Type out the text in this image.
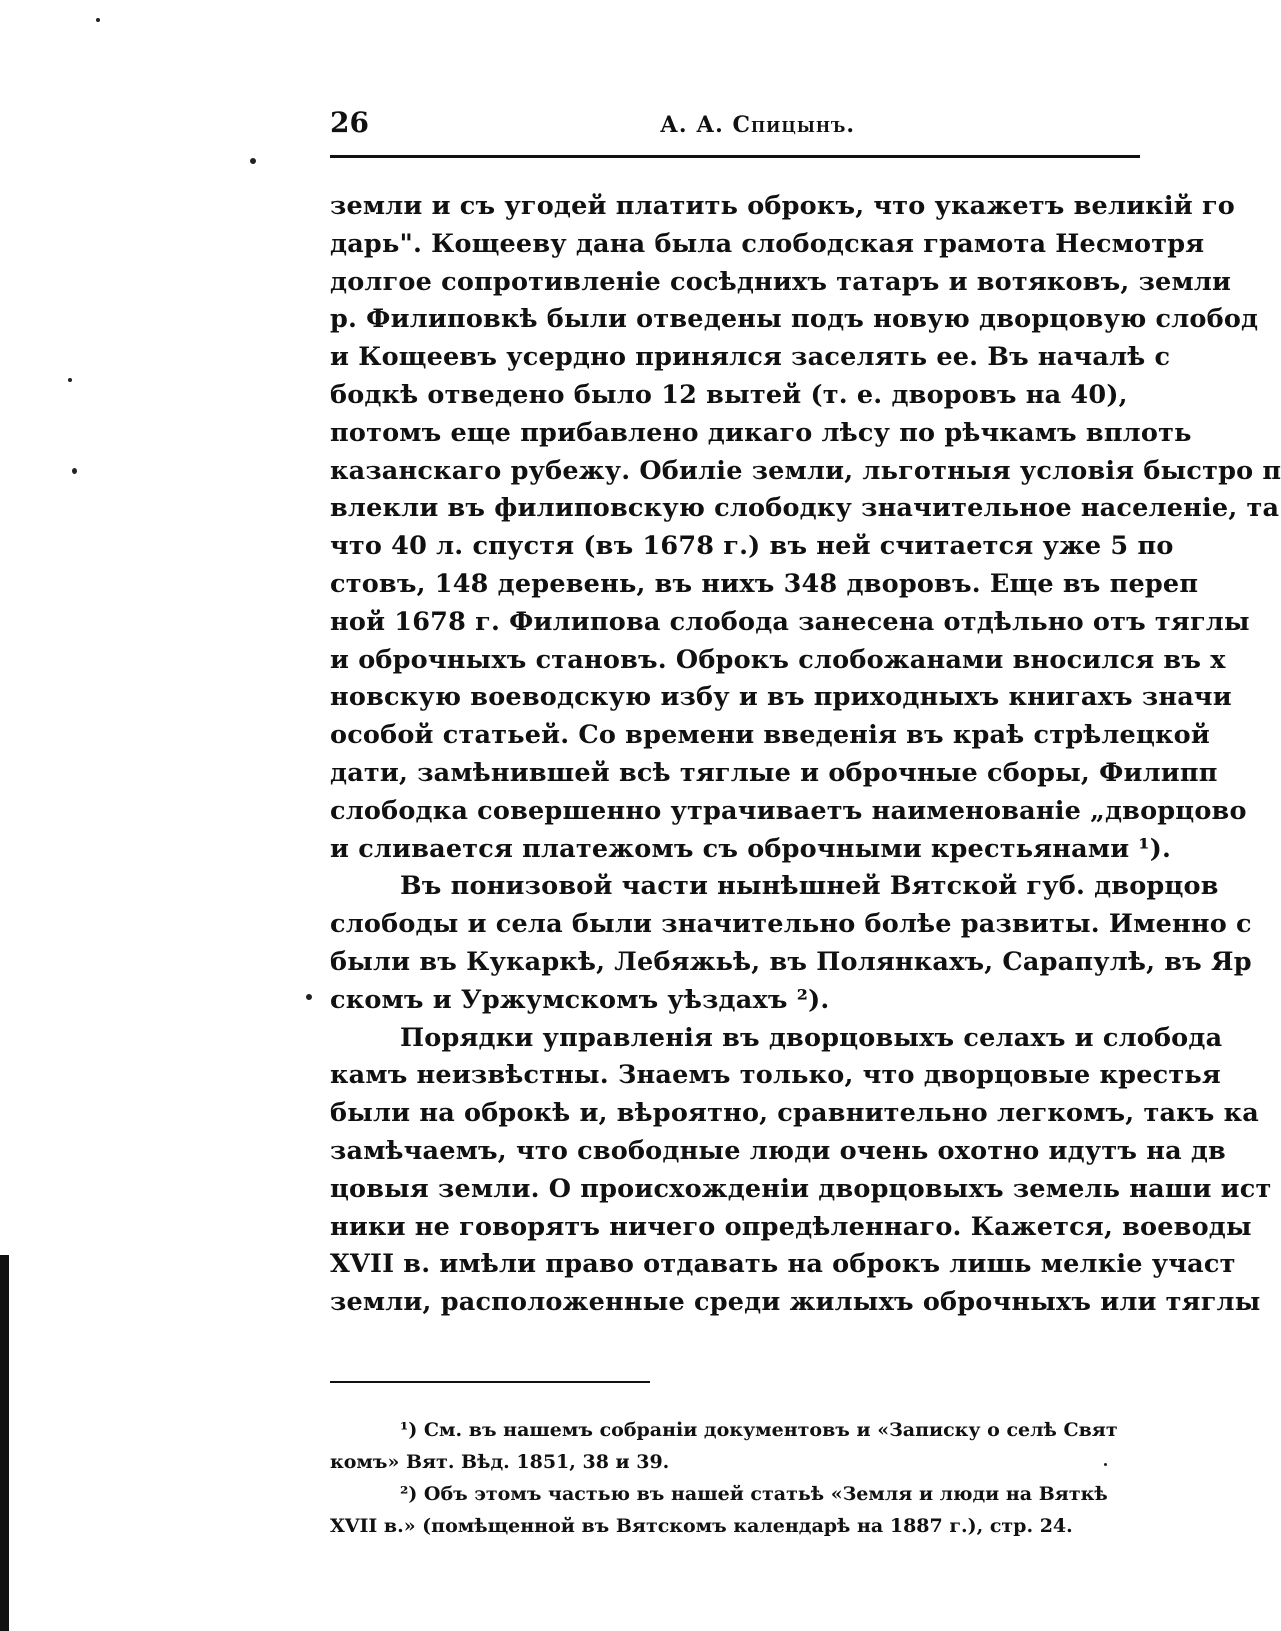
26	А. А. Спицынъ.
земли и съ угодей платить оброкъ, что укажетъ великiй го
дарь". Кощееву дана была слободская грамота Несмотря
долгое сопротивленiе сосѣднихъ татаръ и вотяковъ, земли
р. Филиповкѣ были отведены подъ новую дворцовую слобод
и Кощеевъ усердно принялся заселять ее. Въ началѣ с
бодкѣ отведено было 12 вытей (т. е. дворовъ на 40),
потомъ еще прибавлено дикаго лѣсу по рѣчкамъ вплоть
казанскаго рубежу. Обилiе земли, льготныя условiя быстро п
влекли въ филиповскую слободку значительное населенiе, та
что 40 л. спустя (въ 1678 г.) въ ней считается уже 5 по
стовъ, 148 деревень, въ нихъ 348 дворовъ. Еще въ переп
ной 1678 г. Филипова слобода занесена отдѣльно отъ тяглы
и оброчныхъ становъ. Оброкъ слобожанами вносился въ х
новскую воеводскую избу и въ приходныхъ книгахъ значи
особой статьей. Со времени введенiя въ краѣ стрѣлецкой
дати, замѣнившей всѣ тяглые и оброчные сборы, Филипп
слободка совершенно утрачиваетъ наименованiе „дворцово
и сливается платежомъ съ оброчными крестьянами ¹).
Въ понизовой части нынѣшней Вятской губ. дворцов
слободы и села были значительно болѣе развиты. Именно с
были въ Кукаркѣ, Лебяжьѣ, въ Полянкахъ, Сарапулѣ, въ Яр
скомъ и Уржумскомъ уѣздахъ ²).
Порядки управленiя въ дворцовыхъ селахъ и слобода
камъ неизвѣстны. Знаемъ только, что дворцовые крестья
были на оброкѣ и, вѣроятно, сравнительно легкомъ, такъ ка
замѣчаемъ, что свободные люди очень охотно идутъ на дв
цовыя земли. О происхожденiи дворцовыхъ земель наши ист
ники не говорятъ ничего опредѣленнаго. Кажется, воеводы
XVII в. имѣли право отдавать на оброкъ лишь мелкiе участ
земли, расположенные среди жилыхъ оброчныхъ или тяглы
¹) См. въ нашемъ собранiи документовъ и «Записку о селѣ Свят
комъ» Вят. Вѣд. 1851, 38 и 39.
²) Объ этомъ частью въ нашей статьѣ «Земля и люди на Вяткѣ
XVII в.» (помѣщенной въ Вятскомъ календарѣ на 1887 г.), стр. 24.
